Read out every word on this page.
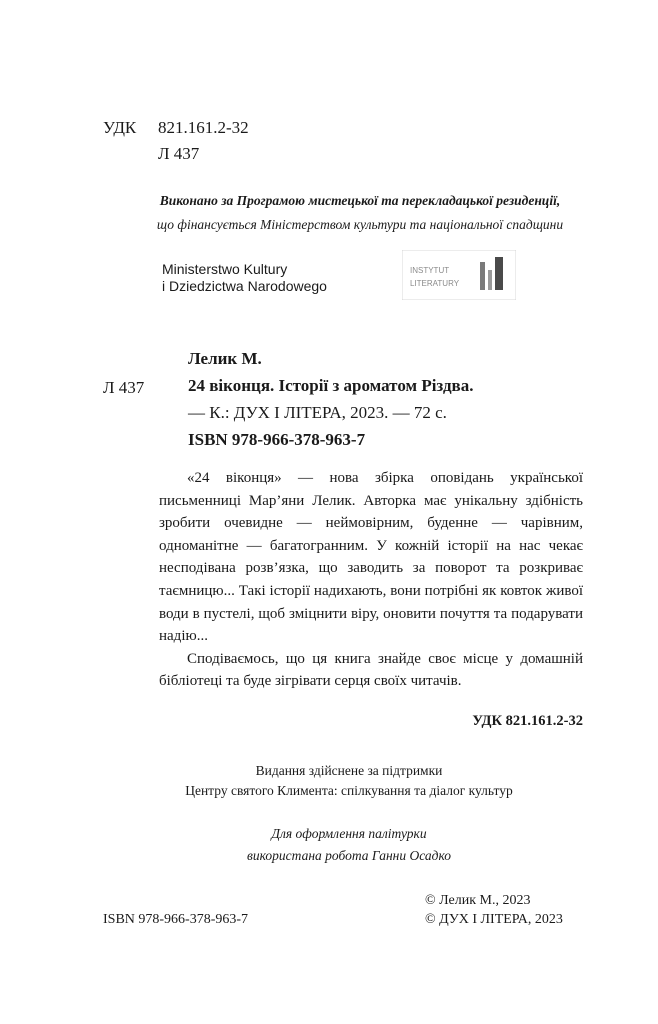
УДК 821.161.2-32
Л 437
Виконано за Програмою мистецької та перекладацької резиденції,
що фінансується Міністерством культури та національної спадщини
Ministerstwo Kultury
i Dziedzictwa Narodowego
INSTYTUT
LITERATURY
Л 437
Лелик М.
24 віконця. Історії з ароматом Різдва.
— К.: ДУХ І ЛІТЕРА, 2023. — 72 с.
ISBN 978-966-378-963-7

«24 віконця» — нова збірка оповідань української письменниці Мар’яни Лелик. Авторка має унікальну здібність зробити очевидне — неймовірним, буденне — чарівним, одноманітне — багатогранним. У кожній історії на нас чекає несподівана розв’язка, що заводить за поворот та розкриває таємницю... Такі історії надихають, вони потрібні як ковток живої води в пустелі, щоб зміцнити віру, оновити почуття та подарувати надію...

Сподіваємось, що ця книга знайде своє місце у домашній бібліотеці та буде зігрівати серця своїх читачів.

УДК 821.161.2-32
Видання здійснене за підтримки
Центру святого Климента: спілкування та діалог культур
Для оформлення палітурки
використана робота Ганни Осадко
ISBN 978-966-378-963-7
© Лелик М., 2023
© ДУХ І ЛІТЕРА, 2023
